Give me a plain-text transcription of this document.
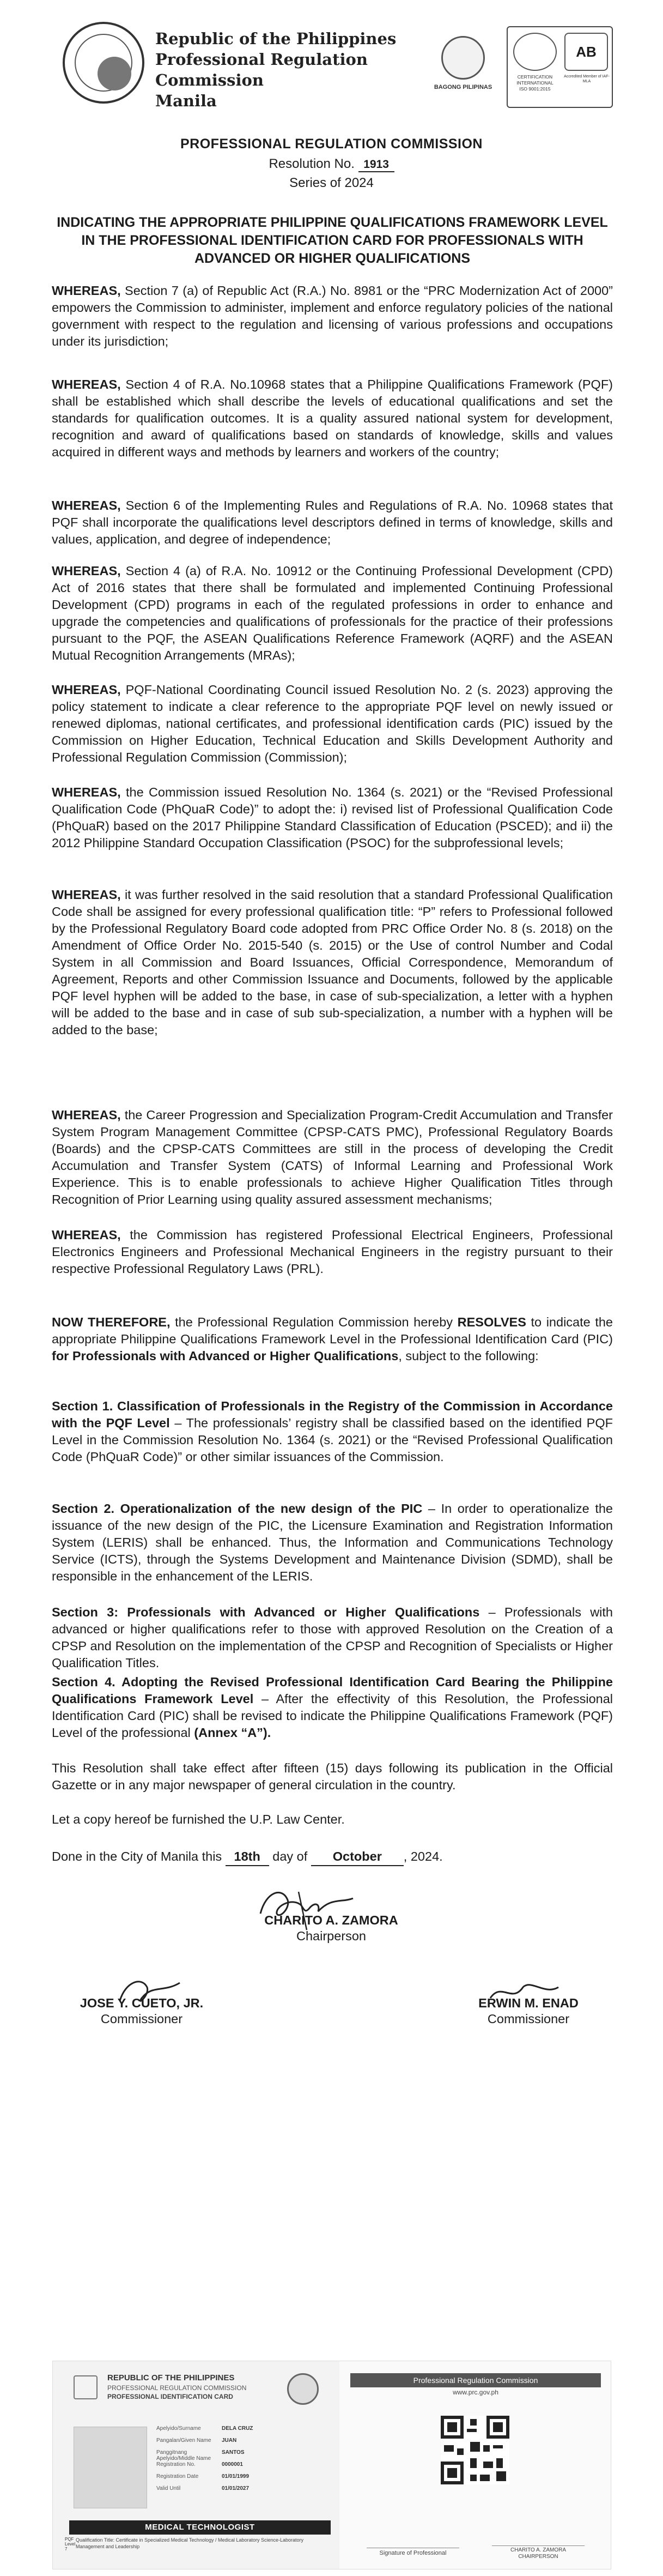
Republic of the Philippines
Professional Regulation Commission
Manila
BAGONG PILIPINAS
AB
CERTIFICATION INTERNATIONAL
ISO 9001:2015
Accredited Member of IAF-MLA
PROFESSIONAL REGULATION COMMISSION
Resolution No. 1913
Series of 2024
INDICATING THE APPROPRIATE PHILIPPINE QUALIFICATIONS FRAMEWORK LEVEL IN THE PROFESSIONAL IDENTIFICATION CARD FOR PROFESSIONALS WITH ADVANCED OR HIGHER QUALIFICATIONS
WHEREAS, Section 7 (a) of Republic Act (R.A.) No. 8981 or the “PRC Modernization Act of 2000” empowers the Commission to administer, implement and enforce regulatory policies of the national government with respect to the regulation and licensing of various professions and occupations under its jurisdiction;
WHEREAS, Section 4 of R.A. No.10968 states that a Philippine Qualifications Framework (PQF) shall be established which shall describe the levels of educational qualifications and set the standards for qualification outcomes. It is a quality assured national system for development, recognition and award of qualifications based on standards of knowledge, skills and values acquired in different ways and methods by learners and workers of the country;
WHEREAS, Section 6 of the Implementing Rules and Regulations of R.A. No. 10968 states that PQF shall incorporate the qualifications level descriptors defined in terms of knowledge, skills and values, application, and degree of independence;
WHEREAS, Section 4 (a) of R.A. No. 10912 or the Continuing Professional Development (CPD) Act of 2016 states that there shall be formulated and implemented Continuing Professional Development (CPD) programs in each of the regulated professions in order to enhance and upgrade the competencies and qualifications of professionals for the practice of their professions pursuant to the PQF, the ASEAN Qualifications Reference Framework (AQRF) and the ASEAN Mutual Recognition Arrangements (MRAs);
WHEREAS, PQF-National Coordinating Council issued Resolution No. 2 (s. 2023) approving the policy statement to indicate a clear reference to the appropriate PQF level on newly issued or renewed diplomas, national certificates, and professional identification cards (PIC) issued by the Commission on Higher Education, Technical Education and Skills Development Authority and Professional Regulation Commission (Commission);
WHEREAS, the Commission issued Resolution No. 1364 (s. 2021) or the “Revised Professional Qualification Code (PhQuaR Code)” to adopt the: i) revised list of Professional Qualification Code (PhQuaR) based on the 2017 Philippine Standard Classification of Education (PSCED); and ii) the 2012 Philippine Standard Occupation Classification (PSOC) for the subprofessional levels;
WHEREAS, it was further resolved in the said resolution that a standard Professional Qualification Code shall be assigned for every professional qualification title: “P” refers to Professional followed by the Professional Regulatory Board code adopted from PRC Office Order No. 8 (s. 2018) on the Amendment of Office Order No. 2015-540 (s. 2015) or the Use of control Number and Codal System in all Commission and Board Issuances, Official Correspondence, Memorandum of Agreement, Reports and other Commission Issuance and Documents, followed by the applicable PQF level hyphen will be added to the base, in case of sub-specialization, a letter with a hyphen will be added to the base and in case of sub sub-specialization, a number with a hyphen will be added to the base;
WHEREAS, the Career Progression and Specialization Program-Credit Accumulation and Transfer System Program Management Committee (CPSP-CATS PMC), Professional Regulatory Boards (Boards) and the CPSP-CATS Committees are still in the process of developing the Credit Accumulation and Transfer System (CATS) of Informal Learning and Professional Work Experience. This is to enable professionals to achieve Higher Qualification Titles through Recognition of Prior Learning using quality assured assessment mechanisms;
WHEREAS, the Commission has registered Professional Electrical Engineers, Professional Electronics Engineers and Professional Mechanical Engineers in the registry pursuant to their respective Professional Regulatory Laws (PRL).
NOW THEREFORE, the Professional Regulation Commission hereby RESOLVES to indicate the appropriate Philippine Qualifications Framework Level in the Professional Identification Card (PIC) for Professionals with Advanced or Higher Qualifications, subject to the following:
Section 1. Classification of Professionals in the Registry of the Commission in Accordance with the PQF Level – The professionals’ registry shall be classified based on the identified PQF Level in the Commission Resolution No. 1364 (s. 2021) or the “Revised Professional Qualification Code (PhQuaR Code)” or other similar issuances of the Commission.
Section 2. Operationalization of the new design of the PIC – In order to operationalize the issuance of the new design of the PIC, the Licensure Examination and Registration Information System (LERIS) shall be enhanced. Thus, the Information and Communications Technology Service (ICTS), through the Systems Development and Maintenance Division (SDMD), shall be responsible in the enhancement of the LERIS.
Section 3: Professionals with Advanced or Higher Qualifications – Professionals with advanced or higher qualifications refer to those with approved Resolution on the Creation of a CPSP and Resolution on the implementation of the CPSP and Recognition of Specialists or Higher Qualification Titles.
Section 4. Adopting the Revised Professional Identification Card Bearing the Philippine Qualifications Framework Level – After the effectivity of this Resolution, the Professional Identification Card (PIC) shall be revised to indicate the Philippine Qualifications Framework (PQF) Level of the professional (Annex “A”).
This Resolution shall take effect after fifteen (15) days following its publication in the Official Gazette or in any major newspaper of general circulation in the country.
Let a copy hereof be furnished the U.P. Law Center.
Done in the City of Manila this 18th day of October , 2024.
CHARITO A. ZAMORA
Chairperson
JOSE Y. CUETO, JR.
Commissioner
ERWIN M. ENAD
Commissioner
REPUBLIC OF THE PHILIPPINES
PROFESSIONAL REGULATION COMMISSION
PROFESSIONAL IDENTIFICATION CARD
Apelyido/Surname	DELA CRUZ
Pangalan/Given Name	JUAN
Panggitnang Apelyido/Middle Name
SANTOS
Registration No.	0000001
Registration Date	01/01/1999
Valid Until	01/01/2027
MEDICAL TECHNOLOGIST
PQF Level 7
Qualification Title: Certificate in Specialized Medical Technology / Medical Laboratory Science-Laboratory Management and Leadership
Professional Regulation Commission
www.prc.gov.ph
Signature of Professional	CHARITO A. ZAMORA
CHAIRPERSON
